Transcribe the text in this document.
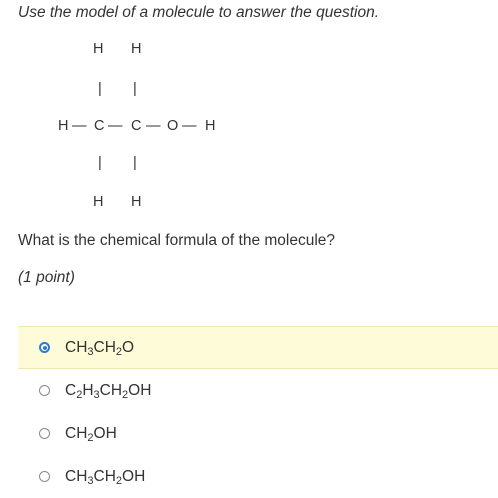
Use the model of a molecule to answer the question.

H

H

|

|

H

—

C

—

C

—

O

—

H

|

|

H

H

What is the chemical formula of the molecule?
(1 point)
$CH_3CH_2O$
$C_2H_3CH_2OH$
$CH_2OH$
$CH_3CH_2OH$
